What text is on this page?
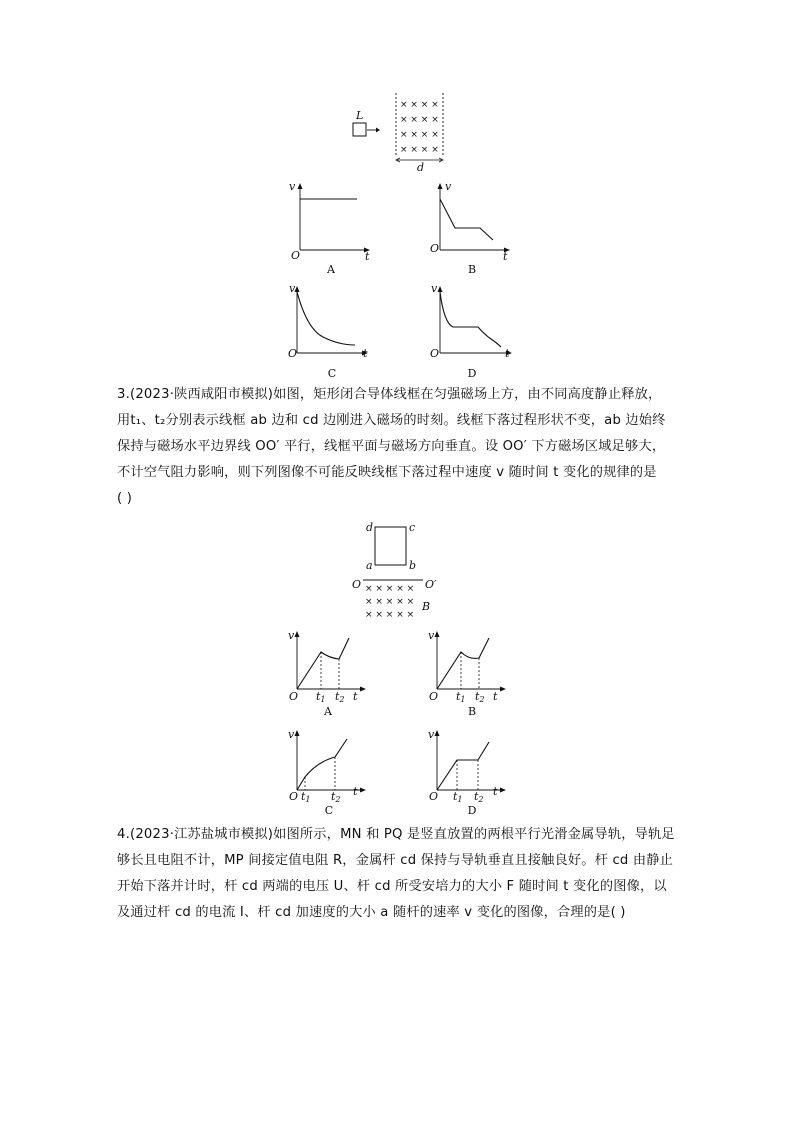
L
× × × ×
× × × ×
× × × ×
× × × ×
d
v
t
O
A
v
t
O
B
v
t
O
C
v
t
O
D
3.(2023·陕西咸阳市模拟)如图，矩形闭合导体线框在匀强磁场上方，由不同高度静止释放，
用t₁、t₂分别表示线框 ab 边和 cd 边刚进入磁场的时刻。线框下落过程形状不变，ab 边始终
保持与磁场水平边界线 OO′ 平行，线框平面与磁场方向垂直。设 OO′ 下方磁场区域足够大，
不计空气阻力影响，则下列图像不可能反映线框下落过程中速度 v 随时间 t 变化的规律的是
( )
d	c
a	b
O	O′
× × × × ×
× × × × × B
× × × × ×
v
O t1 t2 t
A
v
O t1 t2 t
B
v
O t1 t2
t
C
v
O t1 t2
t
D
4.(2023·江苏盐城市模拟)如图所示，MN 和 PQ 是竖直放置的两根平行光滑金属导轨，导轨足
够长且电阻不计，MP 间接定值电阻 R，金属杆 cd 保持与导轨垂直且接触良好。杆 cd 由静止
开始下落并计时，杆 cd 两端的电压 U、杆 cd 所受安培力的大小 F 随时间 t 变化的图像，以
及通过杆 cd 的电流 I、杆 cd 加速度的大小 a 随杆的速率 v 变化的图像，合理的是( )
